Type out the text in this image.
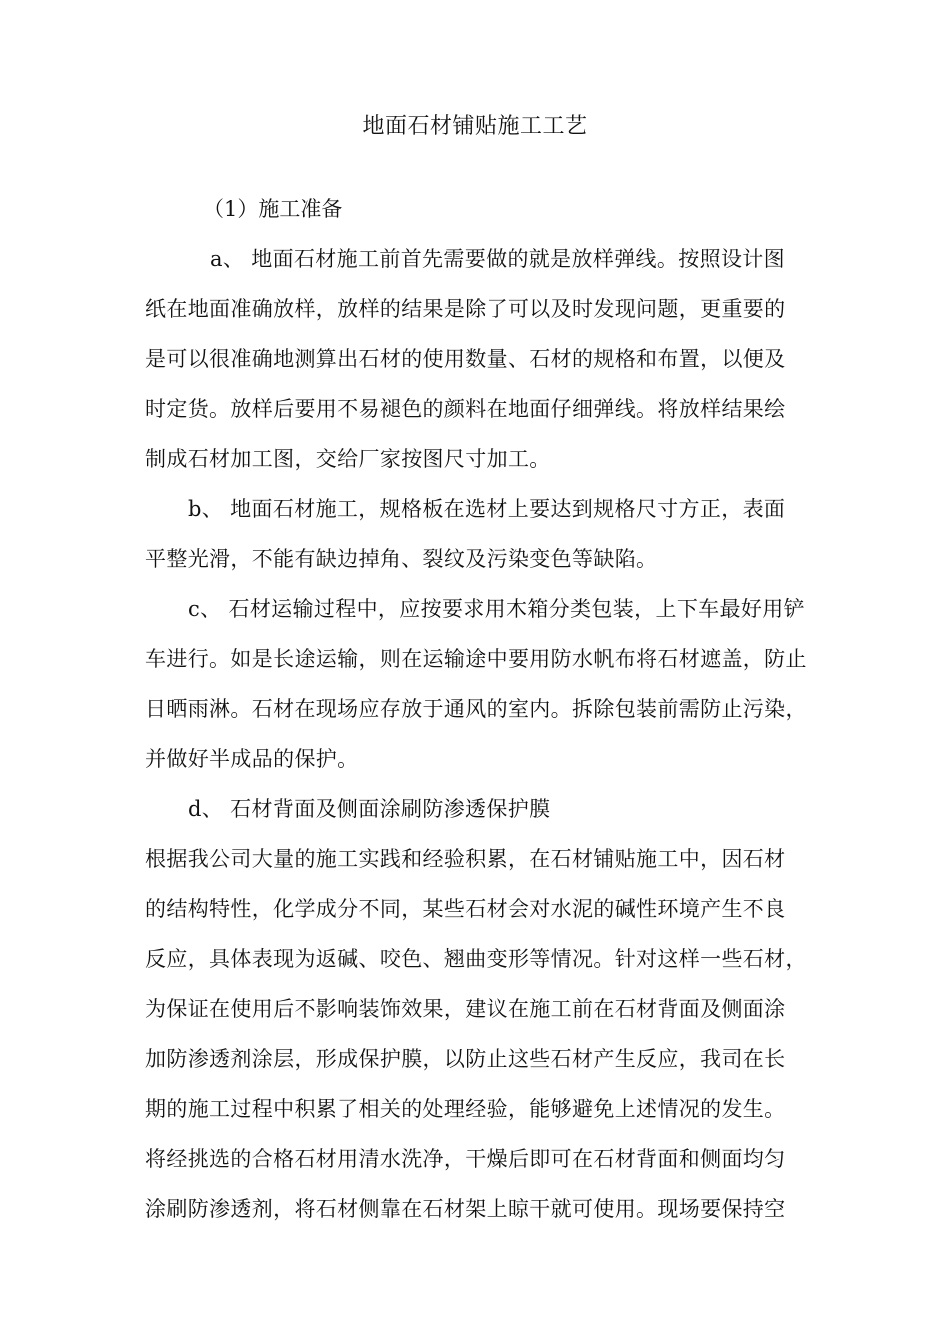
地面石材铺贴施工工艺
（1）施工准备
a、 地面石材施工前首先需要做的就是放样弹线。按照设计图
纸在地面准确放样，放样的结果是除了可以及时发现问题，更重要的
是可以很准确地测算出石材的使用数量、石材的规格和布置，以便及
时定货。放样后要用不易褪色的颜料在地面仔细弹线。将放样结果绘
制成石材加工图，交给厂家按图尺寸加工。
b、 地面石材施工，规格板在选材上要达到规格尺寸方正，表面
平整光滑，不能有缺边掉角、裂纹及污染变色等缺陷。
c、 石材运输过程中，应按要求用木箱分类包装，上下车最好用铲
车进行。如是长途运输，则在运输途中要用防水帆布将石材遮盖，防止
日晒雨淋。石材在现场应存放于通风的室内。拆除包装前需防止污染，
并做好半成品的保护。
d、 石材背面及侧面涂刷防渗透保护膜
根据我公司大量的施工实践和经验积累，在石材铺贴施工中，因石材
的结构特性，化学成分不同，某些石材会对水泥的碱性环境产生不良
反应，具体表现为返碱、咬色、翘曲变形等情况。针对这样一些石材，
为保证在使用后不影响装饰效果，建议在施工前在石材背面及侧面涂
加防渗透剂涂层，形成保护膜，以防止这些石材产生反应，我司在长
期的施工过程中积累了相关的处理经验，能够避免上述情况的发生。
将经挑选的合格石材用清水洗净，干燥后即可在石材背面和侧面均匀
涂刷防渗透剂，将石材侧靠在石材架上晾干就可使用。现场要保持空
